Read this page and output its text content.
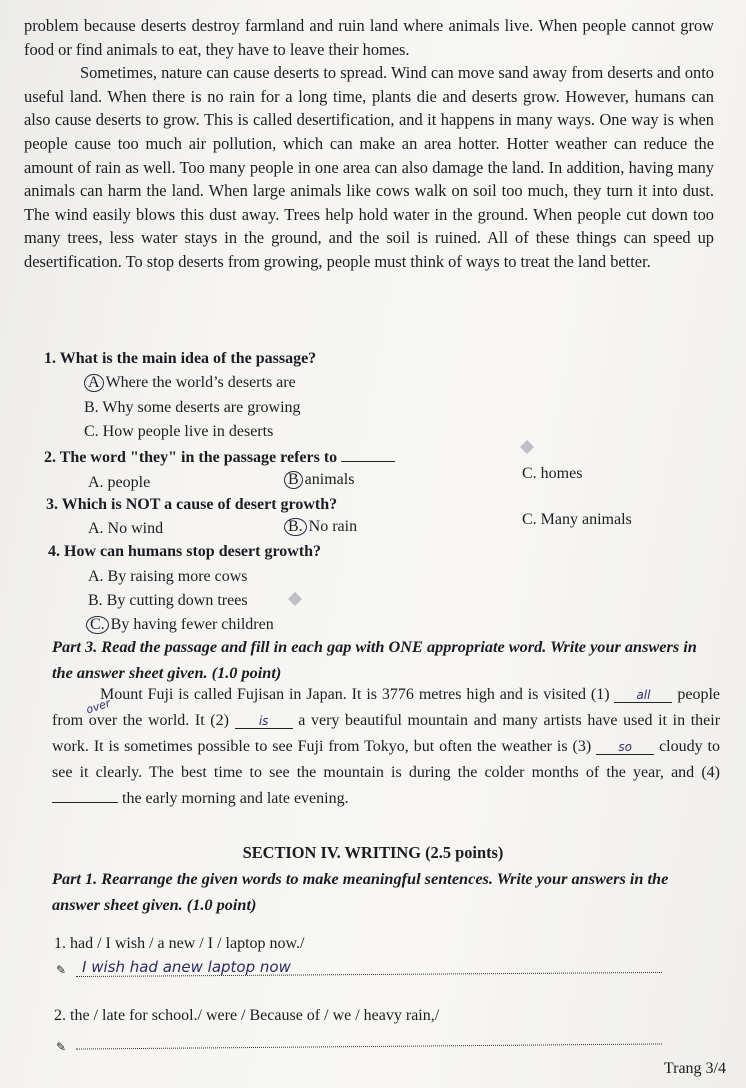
problem because deserts destroy farmland and ruin land where animals live. When people cannot grow food or find animals to eat, they have to leave their homes.

Sometimes, nature can cause deserts to spread. Wind can move sand away from deserts and onto useful land. When there is no rain for a long time, plants die and deserts grow. However, humans can also cause deserts to grow. This is called desertification, and it happens in many ways. One way is when people cause too much air pollution, which can make an area hotter. Hotter weather can reduce the amount of rain as well. Too many people in one area can also damage the land. In addition, having many animals can harm the land. When large animals like cows walk on soil too much, they turn it into dust. The wind easily blows this dust away. Trees help hold water in the ground. When people cut down too many trees, less water stays in the ground, and the soil is ruined. All of these things can speed up desertification. To stop deserts from growing, people must think of ways to treat the land better.

1. What is the main idea of the passage?
A Where the world’s deserts are
B. Why some deserts are growing
C. How people live in deserts
2. The word "they" in the passage refers to
A. people	B animals	C. homes
3. Which is NOT a cause of desert growth?
A. No wind	B. No rain	C. Many animals
4. How can humans stop desert growth?
A. By raising more cows
B. By cutting down trees
C. By having fewer children
Part 3. Read the passage and fill in each gap with ONE appropriate word. Write your answers in the answer sheet given. (1.0 point)
Mount Fuji is called Fujisan in Japan. It is 3776 metres high and is visited (1) all people from over the world. It (2) is a very beautiful mountain and many artists have used it in their work. It is sometimes possible to see Fuji from Tokyo, but often the weather is (3) so cloudy to see it clearly. The best time to see the mountain is during the colder months of the year, and (4)  the early morning and late evening.
over
SECTION IV. WRITING (2.5 points)
Part 1. Rearrange the given words to make meaningful sentences. Write your answers in the answer sheet given. (1.0 point)
1. had / I wish / a new / I / laptop now./
✎ I wish had anew laptop now
2. the / late for school./ were / Because of / we / heavy rain,/
✎
Trang 3/4
